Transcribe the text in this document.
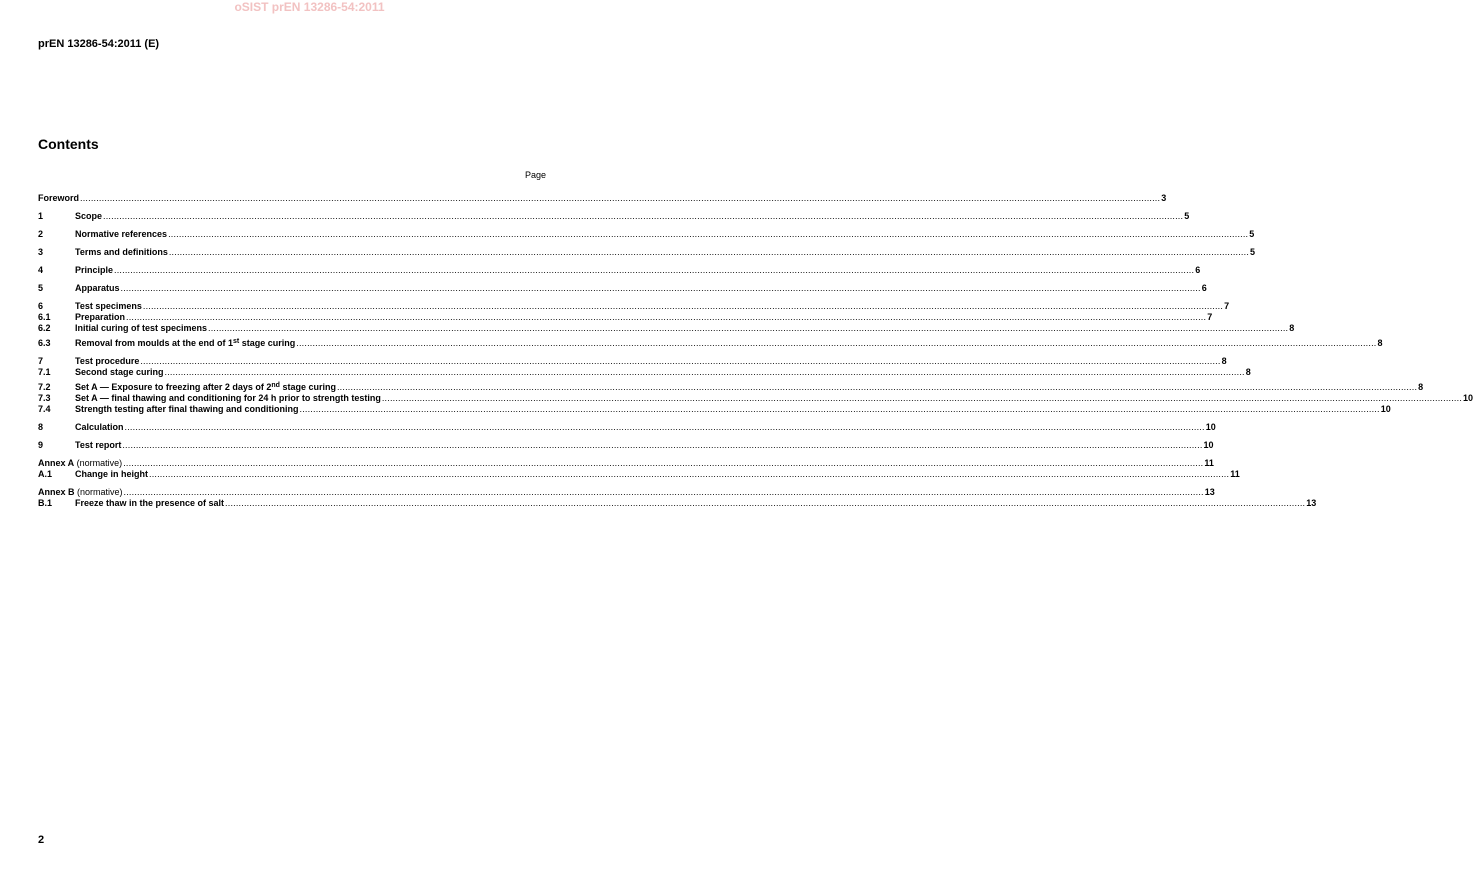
oSIST prEN 13286-54:2011
prEN 13286-54:2011 (E)
Contents
Page
Foreword ................................................................................................................................................................................................................................................................................................................................................................................................................ 3
1	Scope ................................................................................................................................................................................................................................................................................................................................................................................................................ 5
2	Normative references ................................................................................................................................................................................................................................................................................................................................................................................................................ 5
3	Terms and definitions ................................................................................................................................................................................................................................................................................................................................................................................................................ 5
4	Principle ................................................................................................................................................................................................................................................................................................................................................................................................................ 6
5	Apparatus ................................................................................................................................................................................................................................................................................................................................................................................................................ 6
6	Test specimens ................................................................................................................................................................................................................................................................................................................................................................................................................ 7
6.1	Preparation ................................................................................................................................................................................................................................................................................................................................................................................................................ 7
6.2	Initial curing of test specimens ................................................................................................................................................................................................................................................................................................................................................................................................................ 8
6.3	Removal from moulds at the end of 1st stage curing ................................................................................................................................................................................................................................................................................................................................................................................................................ 8
7	Test procedure ................................................................................................................................................................................................................................................................................................................................................................................................................ 8
7.1	Second stage curing ................................................................................................................................................................................................................................................................................................................................................................................................................ 8
7.2	Set A — Exposure to freezing after 2 days of 2nd stage curing ................................................................................................................................................................................................................................................................................................................................................................................................................ 8
7.3	Set A — final thawing and conditioning for 24 h prior to strength testing ................................................................................................................................................................................................................................................................................................................................................................................................................ 10
7.4	Strength testing after final thawing and conditioning ................................................................................................................................................................................................................................................................................................................................................................................................................ 10
8	Calculation ................................................................................................................................................................................................................................................................................................................................................................................................................ 10
9	Test report ................................................................................................................................................................................................................................................................................................................................................................................................................ 10
Annex A (normative) ................................................................................................................................................................................................................................................................................................................................................................................................................ 11
A.1	Change in height ................................................................................................................................................................................................................................................................................................................................................................................................................ 11
Annex B (normative) ................................................................................................................................................................................................................................................................................................................................................................................................................ 13
B.1	Freeze thaw in the presence of salt ................................................................................................................................................................................................................................................................................................................................................................................................................ 13
2
